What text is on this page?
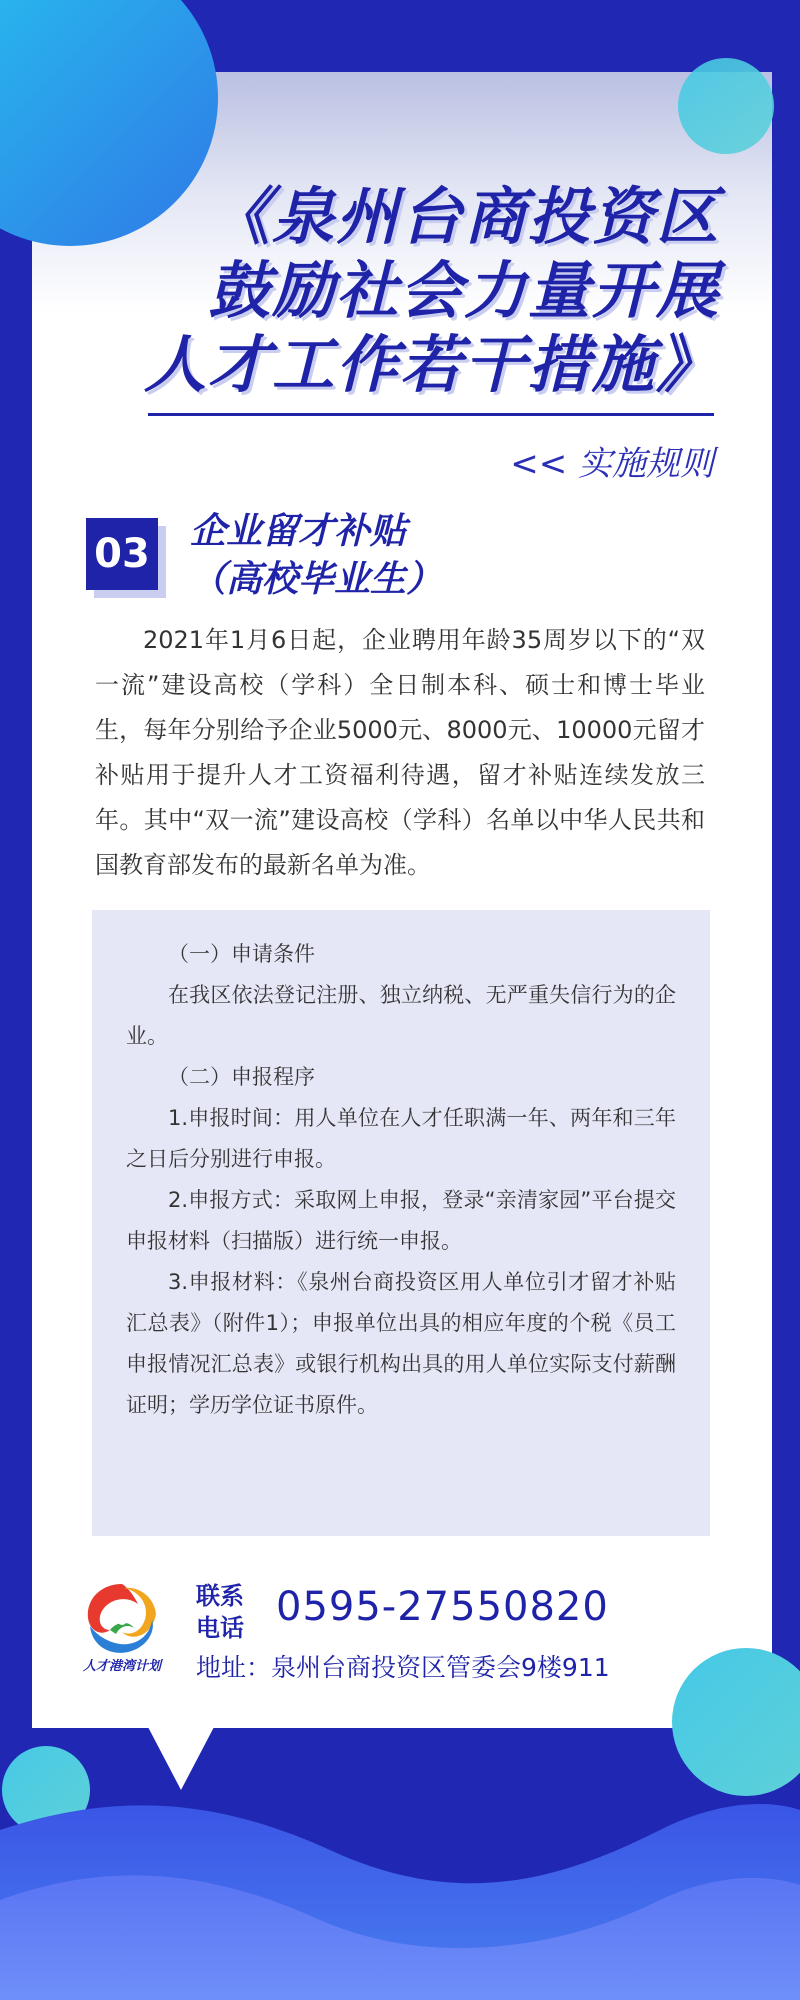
《泉州台商投资区
鼓励社会力量开展
人才工作若干措施》
<< 实施规则
03 企业留才补贴
（高校毕业生）

2021年1月6日起，企业聘用年龄35周岁以下的“双一流”建设高校（学科）全日制本科、硕士和博士毕业生，每年分别给予企业5000元、8000元、10000元留才补贴用于提升人才工资福利待遇，留才补贴连续发放三年。其中“双一流”建设高校（学科）名单以中华人民共和国教育部发布的最新名单为准。

（一）申请条件

在我区依法登记注册、独立纳税、无严重失信行为的企业。

（二）申报程序

1.申报时间：用人单位在人才任职满一年、两年和三年之日后分别进行申报。

2.申报方式：采取网上申报，登录“亲清家园”平台提交申报材料（扫描版）进行统一申报。

3.申报材料：《泉州台商投资区用人单位引才留才补贴汇总表》（附件1）；申报单位出具的相应年度的个税《员工申报情况汇总表》或银行机构出具的用人单位实际支付薪酬证明；学历学位证书原件。

人才港湾计划
联系
电话 0595-27550820
地址：泉州台商投资区管委会9楼911
